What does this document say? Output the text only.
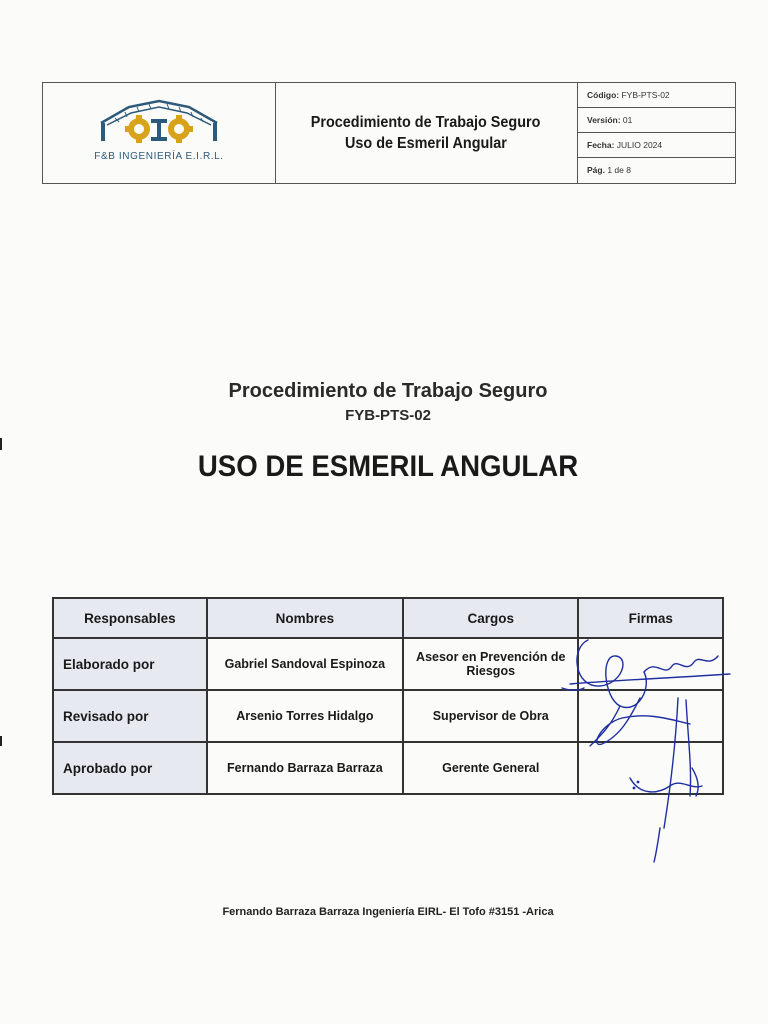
F&B INGENIERÍA E.I.R.L.
Procedimiento de Trabajo Seguro
Uso de Esmeril Angular
Código: FYB-PTS-02
Versión: 01
Fecha: JULIO 2024
Pág. 1 de 8
Procedimiento de Trabajo Seguro
FYB-PTS-02
USO DE ESMERIL ANGULAR
Responsables	Nombres	Cargos	Firmas
Elaborado por	Gabriel Sandoval Espinoza	Asesor en Prevención de Riesgos	
Revisado por	Arsenio Torres Hidalgo	Supervisor de Obra	
Aprobado por	Fernando Barraza Barraza	Gerente General	
Fernando Barraza Barraza Ingeniería EIRL- El Tofo #3151 -Arica
